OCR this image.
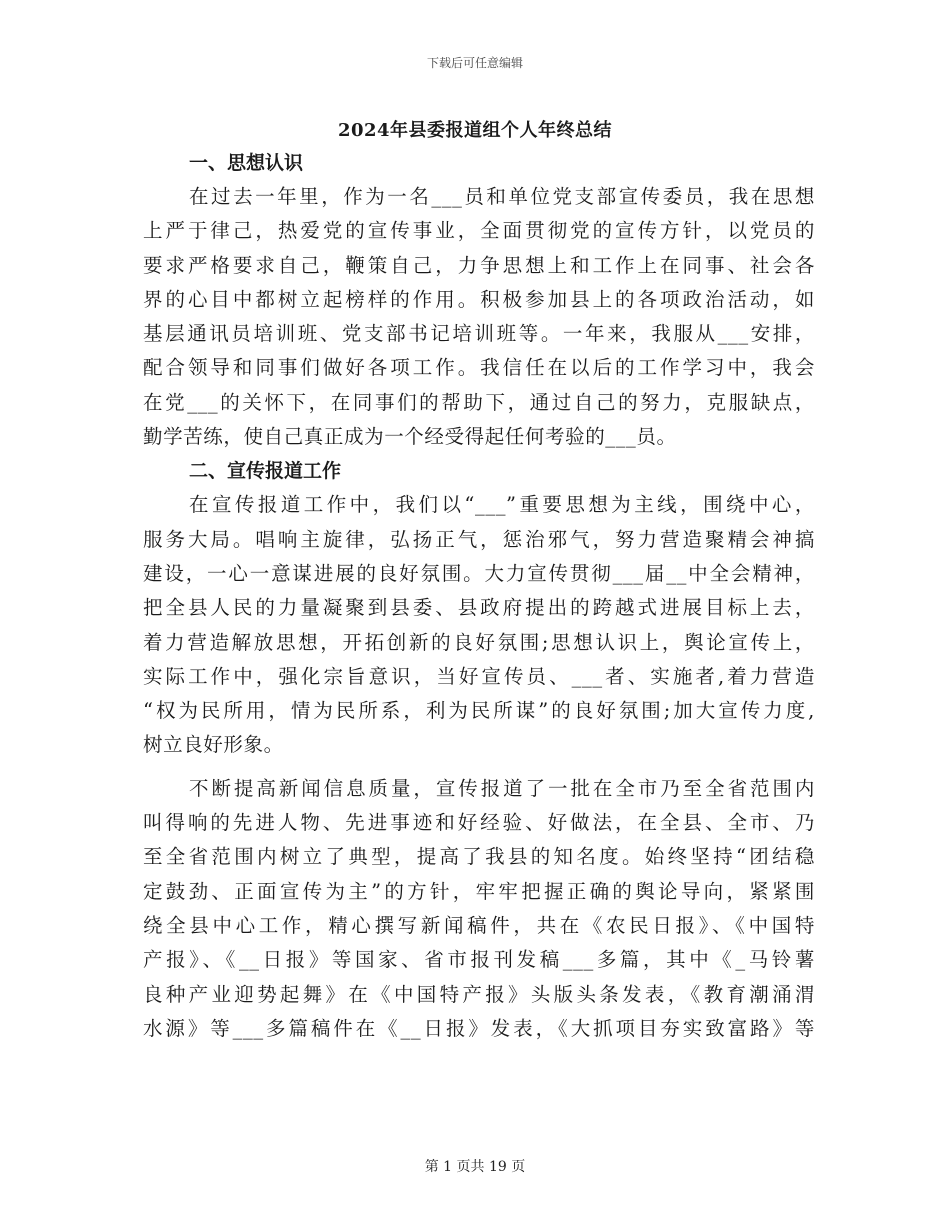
下载后可任意编辑
2024年县委报道组个人年终总结
一、思想认识
在过去一年里，作为一名___员和单位党支部宣传委员，我在思想
上严于律己，热爱党的宣传事业，全面贯彻党的宣传方针，以党员的
要求严格要求自己，鞭策自己，力争思想上和工作上在同事、社会各
界的心目中都树立起榜样的作用。积极参加县上的各项政治活动，如
基层通讯员培训班、党支部书记培训班等。一年来，我服从___安排，
配合领导和同事们做好各项工作。我信任在以后的工作学习中，我会
在党___的关怀下，在同事们的帮助下，通过自己的努力，克服缺点，
勤学苦练，使自己真正成为一个经受得起任何考验的___员。
二、宣传报道工作
在宣传报道工作中，我们以“___”重要思想为主线，围绕中心，
服务大局。唱响主旋律，弘扬正气，惩治邪气，努力营造聚精会神搞
建设，一心一意谋进展的良好氛围。大力宣传贯彻___届__中全会精神，
把全县人民的力量凝聚到县委、县政府提出的跨越式进展目标上去，
着力营造解放思想，开拓创新的良好氛围;思想认识上，舆论宣传上，
实际工作中，强化宗旨意识，当好宣传员、___者、实施者,着力营造
“权为民所用，情为民所系，利为民所谋”的良好氛围;加大宣传力度,
树立良好形象。
不断提高新闻信息质量，宣传报道了一批在全市乃至全省范围内
叫得响的先进人物、先进事迹和好经验、好做法，在全县、全市、乃
至全省范围内树立了典型，提高了我县的知名度。始终坚持“团结稳
定鼓劲、正面宣传为主”的方针，牢牢把握正确的舆论导向，紧紧围
绕全县中心工作，精心撰写新闻稿件，共在《农民日报》、《中国特
产报》、《__日报》等国家、省市报刊发稿___多篇，其中《_马铃薯
良种产业迎势起舞》在《中国特产报》头版头条发表，《教育潮涌渭
水源》等___多篇稿件在《__日报》发表，《大抓项目夯实致富路》等
第 1 页共 19 页
